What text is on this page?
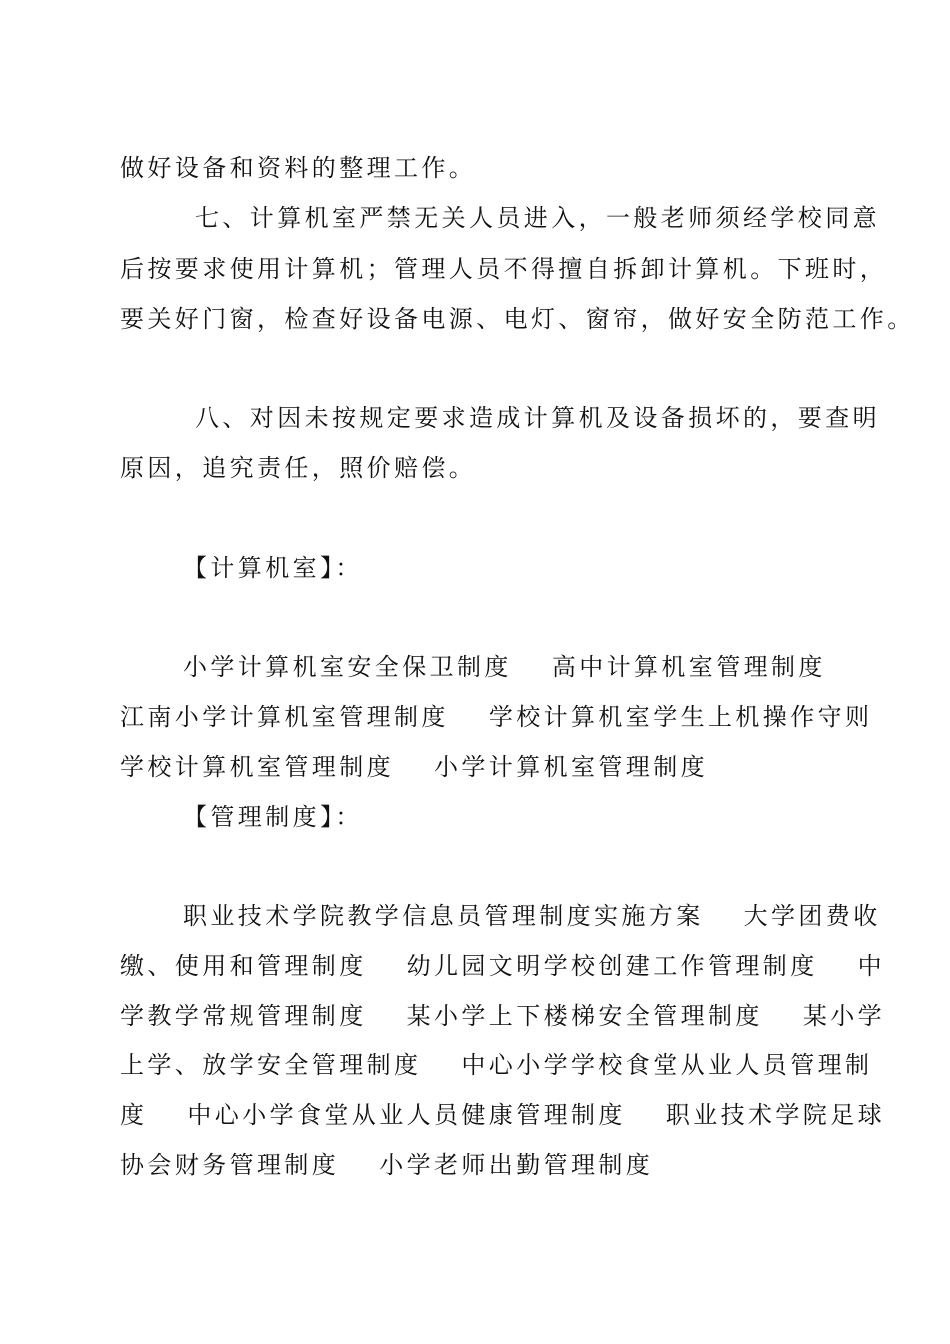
做好设备和资料的整理工作。
七、计算机室严禁无关人员进入，一般老师须经学校同意
后按要求使用计算机；管理人员不得擅自拆卸计算机。下班时，
要关好门窗，检查好设备电源、电灯、窗帘，做好安全防范工作。
八、对因未按规定要求造成计算机及设备损坏的，要查明
原因，追究责任，照价赔偿。
【计算机室】：
小学计算机室安全保卫制度 高中计算机室管理制度
江南小学计算机室管理制度 学校计算机室学生上机操作守则
学校计算机室管理制度 小学计算机室管理制度
【管理制度】：
职业技术学院教学信息员管理制度实施方案 大学团费收
缴、使用和管理制度 幼儿园文明学校创建工作管理制度 中
学教学常规管理制度 某小学上下楼梯安全管理制度 某小学
上学、放学安全管理制度 中心小学学校食堂从业人员管理制
度 中心小学食堂从业人员健康管理制度 职业技术学院足球
协会财务管理制度 小学老师出勤管理制度
